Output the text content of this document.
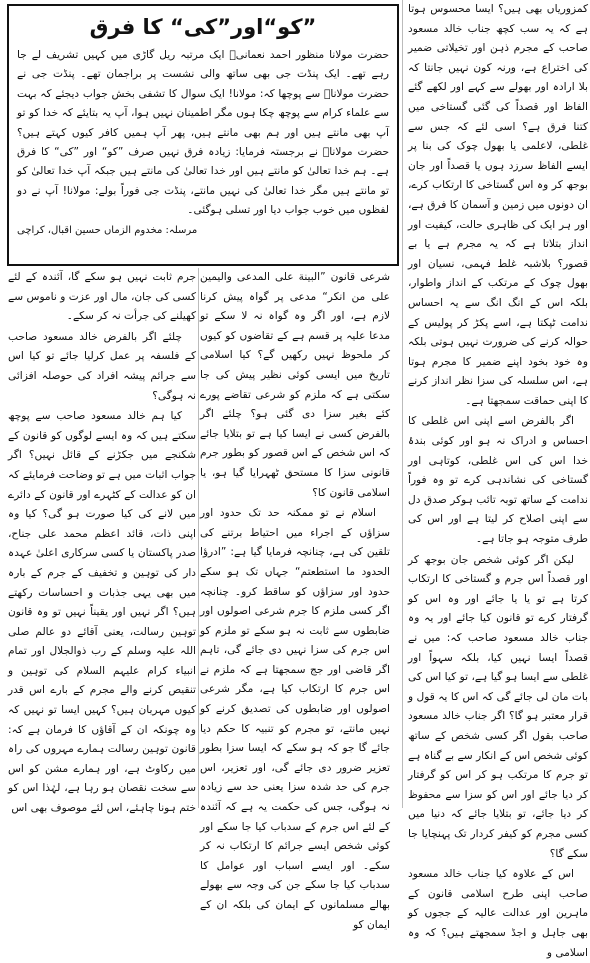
کمزوریاں بھی ہیں؟ ایسا محسوس ہوتا ہے کہ یہ سب کچھ جناب خالد مسعود صاحب کے مجرم ذہن اور تخیلاتی ضمیر کی اختراع ہے، ورنہ کون نہیں جانتا کہ بلا ارادہ اور بھولے سے کہے اور لکھے گئے الفاظ اور قصداً کی گئی گستاخی میں کتنا فرق ہے؟ اسی لئے کہ جس سے غلطی، لاعلمی یا بھول چوک کی بنا پر ایسے الفاظ سرزد ہوں یا قصداً اور جان بوجھ کر وہ اس گستاخی کا ارتکاب کرے، ان دونوں میں زمین و آسمان کا فرق ہے، اور ہر ایک کی ظاہری حالت، کیفیت اور انداز بتلاتا ہے کہ یہ مجرم ہے یا بے قصور؟ بلاشبہ غلط فہمی، نسیان اور بھول چوک کے مرتکب کے انداز واطوار، بلکہ اس کے انگ انگ سے یہ احساس ندامت ٹپکتا ہے، اسے پکڑ کر پولیس کے حوالہ کرنے کی ضرورت نہیں ہوتی بلکہ وہ خود بخود اپنے ضمیر کا مجرم ہوتا ہے، اس سلسلہ کی سزا نظر انداز کرنے کا اپنی حماقت سمجھتا ہے۔

اگر بالفرض اسے اپنی اس غلطی کا احساس و ادراک نہ ہو اور کوئی بندۂ خدا اس کی اس غلطی، کوتاہی اور گستاخی کی نشاندہی کرے تو وہ فوراً ندامت کے ساتھ توبہ تائب ہوکر صدق دل سے اپنی اصلاح کر لیتا ہے اور اس کی طرف متوجہ ہو جاتا ہے۔

لیکن اگر کوئی شخص جان بوجھ کر اور قصداً اس جرم و گستاخی کا ارتکاب کرتا ہے تو یا یا جائے اور وہ اس کو گرفتار کرے تو قانون کیا جائے اور یہ وہ جناب خالد مسعود صاحب کہ: میں نے قصداً ایسا نہیں کیا، بلکہ سہواً اور غلطی سے ایسا ہو گیا ہے، تو کیا اس کی بات مان لی جائے گی کہ اس کا یہ قول و قرار معتبر ہو گا؟ اگر جناب خالد مسعود صاحب بقول اگر کسی شخص کے ساتھ کوئی شخص اس کے انکار سے بے گناہ ہے تو جرم کا مرتکب ہو کر اس کو گرفتار کر دیا جائے اور اس کو سزا سے محفوظ کر دیا جائے، تو بتلایا جائے کہ دنیا میں کسی مجرم کو کیفر کردار تک پہنچایا جا سکے گا؟

اس کے علاوہ کیا جناب خالد مسعود صاحب اپنی طرح اسلامی قانون کے ماہرین اور عدالت عالیہ کے ججوں کو بھی جاہل و اجڈ سمجھتے ہیں؟ کہ وہ اسلامی و

”کو“اور”کی“ کا فرق

حضرت مولانا منظور احمد نعمانیؒ ایک مرتبہ ریل گاڑی میں کہیں تشریف لے جا رہے تھے۔ ایک پنڈت جی بھی ساتھ والی نشست پر براجمان تھے۔ پنڈت جی نے حضرت مولاناؒ سے پوچھا کہ: مولانا! ایک سوال کا تشفی بخش جواب دیجئے کہ بہت سے علماء کرام سے پوچھ چکا ہوں مگر اطمینان نہیں ہوا، آپ یہ بتایئے کہ خدا کو تو آپ بھی مانتے ہیں اور ہم بھی مانتے ہیں، پھر آپ ہمیں کافر کیوں کہتے ہیں؟ حضرت مولاناؒ نے برجستہ فرمایا: زیادہ فرق نہیں صرف ”کو“ اور ”کی“ کا فرق ہے۔ ہم خدا تعالیٰ کو مانتے ہیں اور خدا تعالیٰ کی مانتے ہیں جبکہ آپ خدا تعالیٰ کو تو مانتے ہیں مگر خدا تعالیٰ کی نہیں مانتے، پنڈت جی فوراً بولے: مولانا! آپ نے دو لفظوں میں خوب جواب دیا اور تسلی ہوگئی۔

مرسلہ: مخدوم الزماں حسین اقبال، کراچی

شرعی قانون ”البینة علی المدعی والیمین علی من انکر“ مدعی پر گواہ پیش کرنا لازم ہے، اور اگر وہ گواہ نہ لا سکے تو مدعا علیہ پر قسم ہے کے تقاضوں کو کیوں کر ملحوظ نہیں رکھیں گے؟ کیا اسلامی تاریخ میں ایسی کوئی نظیر پیش کی جا سکتی ہے کہ ملزم کو شرعی تقاضے پورے کئے بغیر سزا دی گئی ہو؟ چلئے اگر بالفرض کسی نے ایسا کیا ہے تو بتلایا جائے کہ اس شخص کے اس قصور کو بطور جرم قانونی سزا کا مستحق ٹھہرایا گیا ہو، یا اسلامی قانون کا؟

اسلام نے تو ممکنہ حد تک حدود اور سزاؤں کے اجراء میں احتیاط برتنے کی تلقین کی ہے، چنانچہ فرمایا گیا ہے: ”ادرؤا الحدود ما استطعتم“ جہاں تک ہو سکے حدود اور سزاؤں کو ساقط کرو۔ چنانچہ اگر کسی ملزم کا جرم شرعی اصولوں اور ضابطوں سے ثابت نہ ہو سکے تو ملزم کو اس جرم کی سزا نہیں دی جائے گی، تاہم اگر قاضی اور جج سمجھتا ہے کہ ملزم نے اس جرم کا ارتکاب کیا ہے، مگر شرعی اصولوں اور ضابطوں کی تصدیق کرنے کو نہیں مانتے، تو مجرم کو تنبیہ کا حکم دیا جائے گا جو کہ ہو سکے کہ ایسا سزا بطور تعزیر ضرور دی جائے گی، اور تعزیر، اس جرم کی حد شدہ سزا یعنی حد سے زیادہ نہ ہوگی، جس کی حکمت یہ ہے کہ آئندہ کے لئے اس جرم کے سدباب کیا جا سکے اور کوئی شخص ایسے جرائم کا ارتکاب نہ کر سکے۔ اور ایسے اسباب اور عوامل کا سدباب کیا جا سکے جن کی وجہ سے بھولے بھالے مسلمانوں کے ایمان کی بلکہ ان کے ایمان کو

جرم ثابت نہیں ہو سکے گا، آئندہ کے لئے کسی کی جان، مال اور عزت و ناموس سے کھیلنے کی جرأت نہ کر سکے۔

چلئے اگر بالفرض خالد مسعود صاحب کے فلسفہ پر عمل کرلیا جائے تو کیا اس سے جرائم پیشہ افراد کی حوصلہ افزائی نہ ہوگی؟

کیا ہم خالد مسعود صاحب سے پوچھ سکتے ہیں کہ وہ ایسے لوگوں کو قانون کے شکنجے میں جکڑنے کے قائل نہیں؟ اگر جواب اثبات میں ہے تو وضاحت فرمایئے کہ ان کو عدالت کے کٹہرے اور قانون کے دائرے میں لانے کی کیا صورت ہو گی؟ کیا وہ اپنی ذات، قائد اعظم محمد علی جناح، صدر پاکستان یا کسی سرکاری اعلیٰ عہدہ دار کی توہین و تخفیف کے جرم کے بارہ میں بھی یہی جذبات و احساسات رکھتے ہیں؟ اگر نہیں اور یقیناً نہیں تو وہ قانون توہین رسالت، یعنی آقائے دو عالم صلی اللہ علیہ وسلم کے رب ذوالجلال اور تمام انبیاء کرام علیہم السلام کی توہین و تنقیص کرنے والے مجرم کے بارے اس قدر کیوں مہربان ہیں؟ کہیں ایسا تو نہیں کہ وہ چونکہ ان کے آقاؤں کا فرمان ہے کہ: قانون توہین رسالت ہمارے مہروں کی راہ میں رکاوٹ ہے، اور ہمارے مشن کو اس سے سخت نقصان ہو رہا ہے، لہٰذا اس کو ختم ہونا چاہئے، اس لئے موصوف بھی اس
